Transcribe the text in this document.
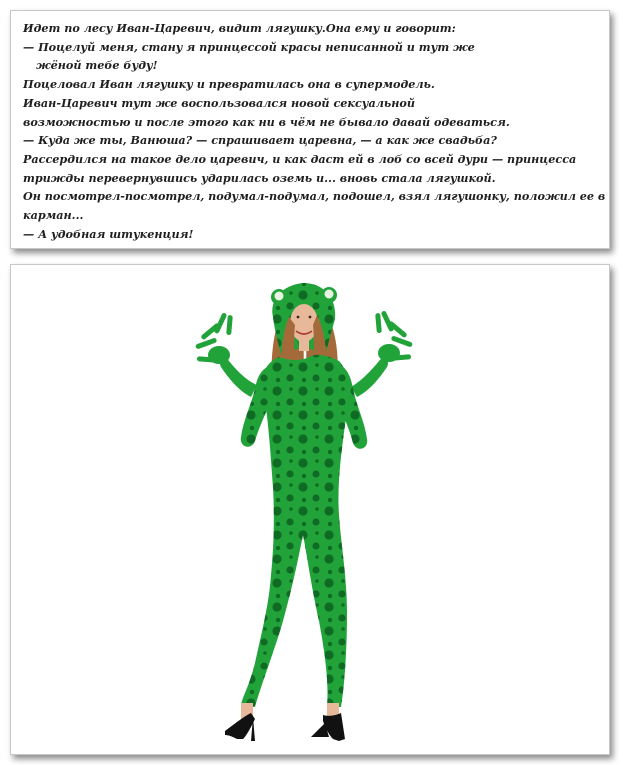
Идет по лесу Иван-Царевич, видит лягушку.Она ему и говорит:

— Поцелуй меня, стану я принцессой красы неписанной и тут же

жёной тебе буду!

Поцеловал Иван лягушку и превратилась она в супермодель.

Иван-Царевич тут же воспользовался новой сексуальной

возможностью и после этого как ни в чём не бывало давай одеваться.

— Куда же ты, Ванюша? — спрашивает царевна, — а как же свадьба?

Рассердился на такое дело царевич, и как даст ей в лоб со всей дури — принцесса

трижды перевернувшись ударилась оземь и... вновь стала лягушкой.

Он посмотрел-посмотрел, подумал-подумал, подошел, взял лягушонку, положил ее в

карман...

— А удобная штукенция!
